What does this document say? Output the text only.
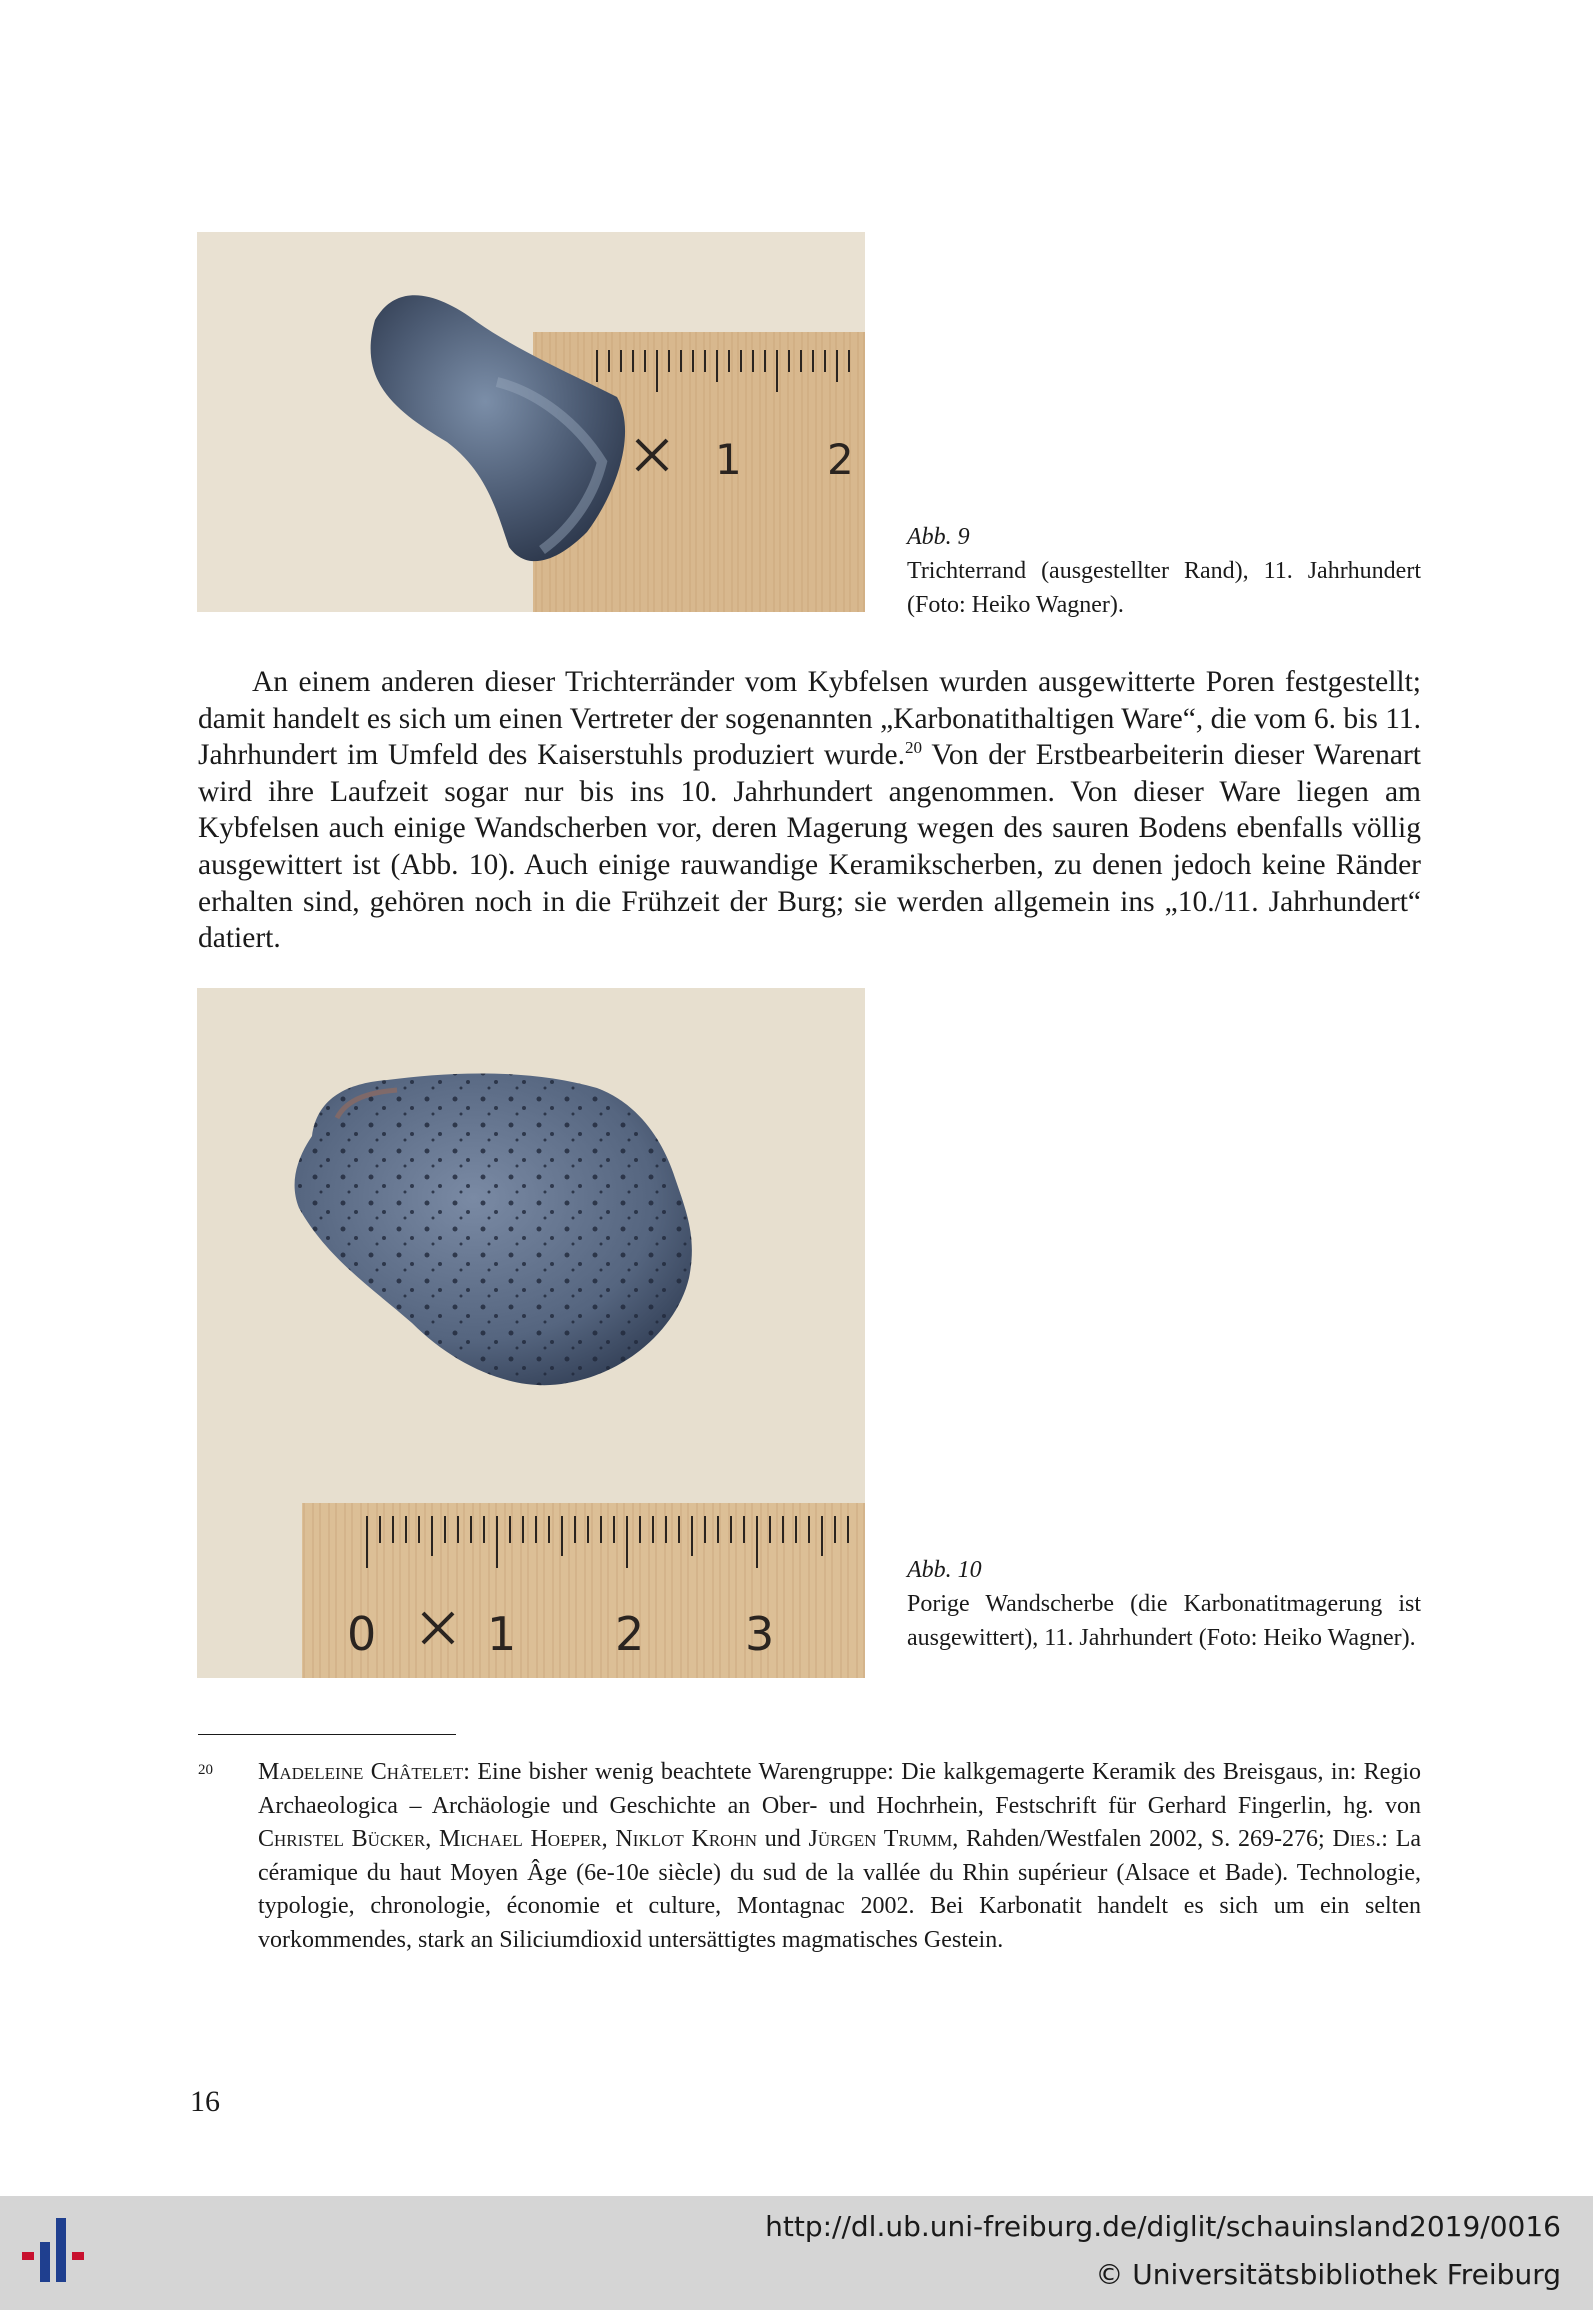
1 2
Abb. 9
Trichterrand (ausgestellter Rand), 11. Jahrhundert (Foto: Heiko Wagner).

An einem anderen dieser Trichterränder vom Kybfelsen wurden ausgewitterte Poren festgestellt; damit handelt es sich um einen Vertreter der sogenannten „Karbonatithaltigen Ware“, die vom 6. bis 11. Jahrhundert im Umfeld des Kaiserstuhls produziert wurde.$^{20}$ Von der Erstbearbeiterin dieser Warenart wird ihre Laufzeit sogar nur bis ins 10. Jahrhundert angenommen. Von dieser Ware liegen am Kybfelsen auch einige Wandscherben vor, deren Magerung wegen des sauren Bodens ebenfalls völlig ausgewittert ist (Abb. 10). Auch einige rauwandige Keramikscherben, zu denen jedoch keine Ränder erhalten sind, gehören noch in die Frühzeit der Burg; sie werden allgemein ins „10./11. Jahrhundert“ datiert.

0 1 2 3
Abb. 10
Porige Wandscherbe (die Karbonatitmagerung ist ausgewittert), 11. Jahrhundert (Foto: Heiko Wagner).
20 Madeleine Châtelet: Eine bisher wenig beachtete Warengruppe: Die kalkgemagerte Keramik des Breisgaus, in: Regio Archaeologica – Archäologie und Geschichte an Ober- und Hochrhein, Festschrift für Gerhard Fingerlin, hg. von Christel Bücker, Michael Hoeper, Niklot Krohn und Jürgen Trumm, Rahden/Westfalen 2002, S. 269-276; Dies.: La céramique du haut Moyen Âge (6e-10e siècle) du sud de la vallée du Rhin supérieur (Alsace et Bade). Technologie, typologie, chronologie, économie et culture, Montagnac 2002. Bei Karbonatit handelt es sich um ein selten vorkommendes, stark an Siliciumdioxid untersättigtes magmatisches Gestein.
16
http://dl.ub.uni-freiburg.de/diglit/schauinsland2019/0016
© Universitätsbibliothek Freiburg
